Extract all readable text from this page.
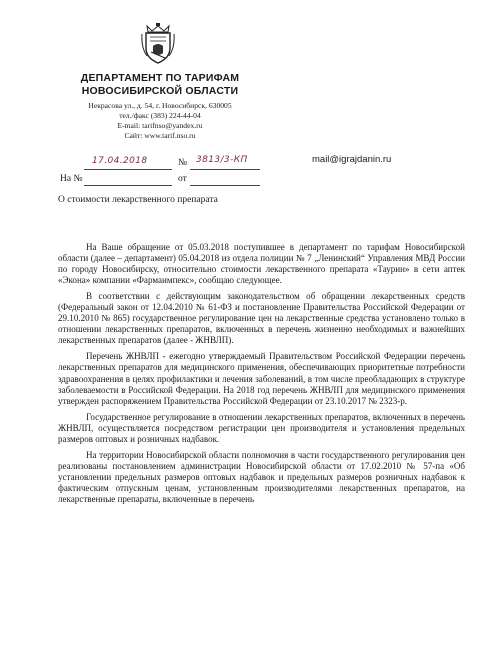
ДЕПАРТАМЕНТ ПО ТАРИФАМ
НОВОСИБИРСКОЙ ОБЛАСТИ
Некрасова ул., д. 54, г. Новосибирск, 630005
тел./факс (383) 224-44-04
E-mail: tarifnso@yandex.ru
Сайт: www.tarif.nso.ru
17.04.2018	№ 3813/3-КП
На №	от
mail@igrajdanin.ru
О стоимости лекарственного препарата

На Ваше обращение от 05.03.2018 поступившее в департамент по тарифам Новосибирской области (далее – департамент) 05.04.2018 из отдела полиции № 7 „Ленинский“ Управления МВД России по городу Новосибирску, относительно стоимости лекарственного препарата «Таурин» в сети аптек «Экона» компании «Фармаимпекс», сообщаю следующее.

В соответствии с действующим законодательством об обращении лекарственных средств (Федеральный закон от 12.04.2010 № 61-ФЗ и постановление Правительства Российской Федерации от 29.10.2010 № 865) государственное регулирование цен на лекарственные средства установлено только в отношении лекарственных препаратов, включенных в перечень жизненно необходимых и важнейших лекарственных препаратов (далее - ЖНВЛП).

Перечень ЖНВЛП - ежегодно утверждаемый Правительством Российской Федерации перечень лекарственных препаратов для медицинского применения, обеспечивающих приоритетные потребности здравоохранения в целях профилактики и лечения заболеваний, в том числе преобладающих в структуре заболеваемости в Российской Федерации. На 2018 год перечень ЖНВЛП для медицинского применения утвержден распоряжением Правительства Российской Федерации от 23.10.2017 № 2323-р.

Государственное регулирование в отношении лекарственных препаратов, включенных в перечень ЖНВЛП, осуществляется посредством регистрации цен производителя и установления предельных размеров оптовых и розничных надбавок.

На территории Новосибирской области полномочия в части государственного регулирования цен реализованы постановлением администрации Новосибирской области от 17.02.2010 № 57-па «Об установлении предельных размеров оптовых надбавок и предельных размеров розничных надбавок к фактическим отпускным ценам, установленным производителями лекарственных препаратов, на лекарственные препараты, включенные в перечень
